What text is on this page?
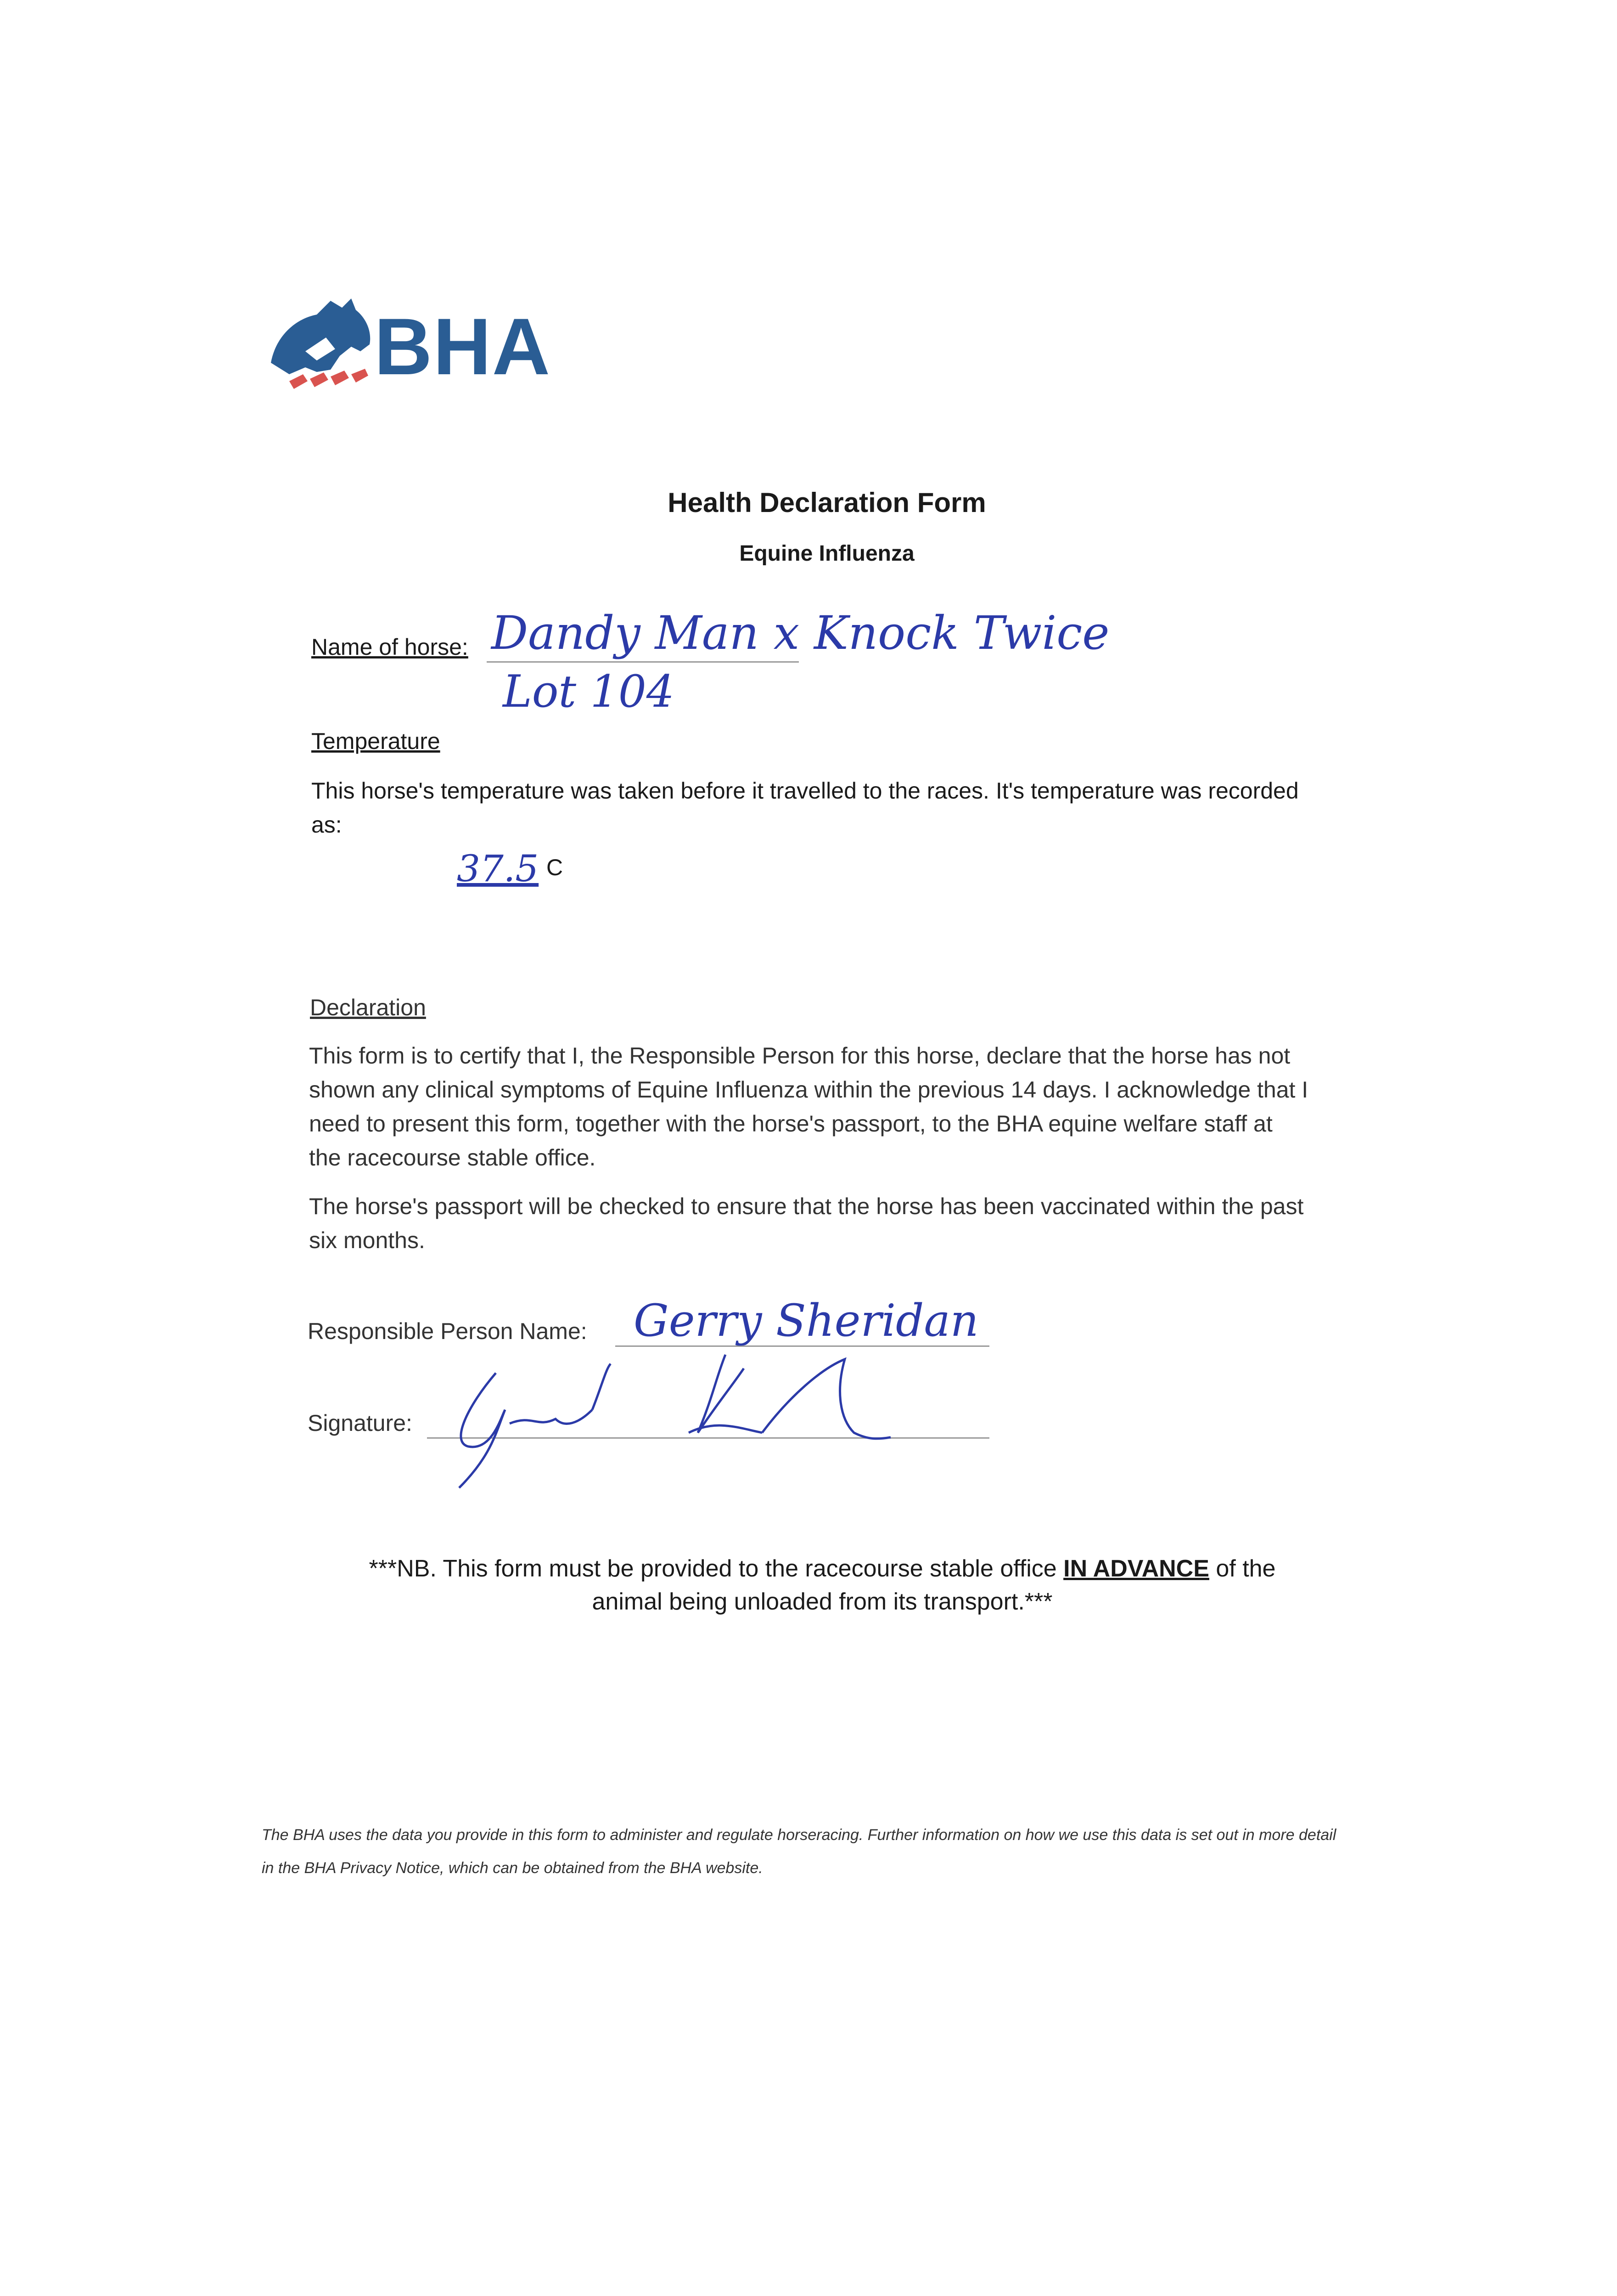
BHA
Health Declaration Form
Equine Influenza
Name of horse: Dandy Man x Knock Twice
Lot 104
Temperature
This horse's temperature was taken before it travelled to the races. It's temperature was recorded as:
37.5 C
Declaration
This form is to certify that I, the Responsible Person for this horse, declare that the horse has not shown any clinical symptoms of Equine Influenza within the previous 14 days. I acknowledge that I need to present this form, together with the horse's passport, to the BHA equine welfare staff at the racecourse stable office.
The horse's passport will be checked to ensure that the horse has been vaccinated within the past six months.
Responsible Person Name: Gerry Sheridan
Signature:
***NB. This form must be provided to the racecourse stable office IN ADVANCE of the
animal being unloaded from its transport.***
The BHA uses the data you provide in this form to administer and regulate horseracing. Further information on how we use this data is set out in more detail in the BHA Privacy Notice, which can be obtained from the BHA website.
